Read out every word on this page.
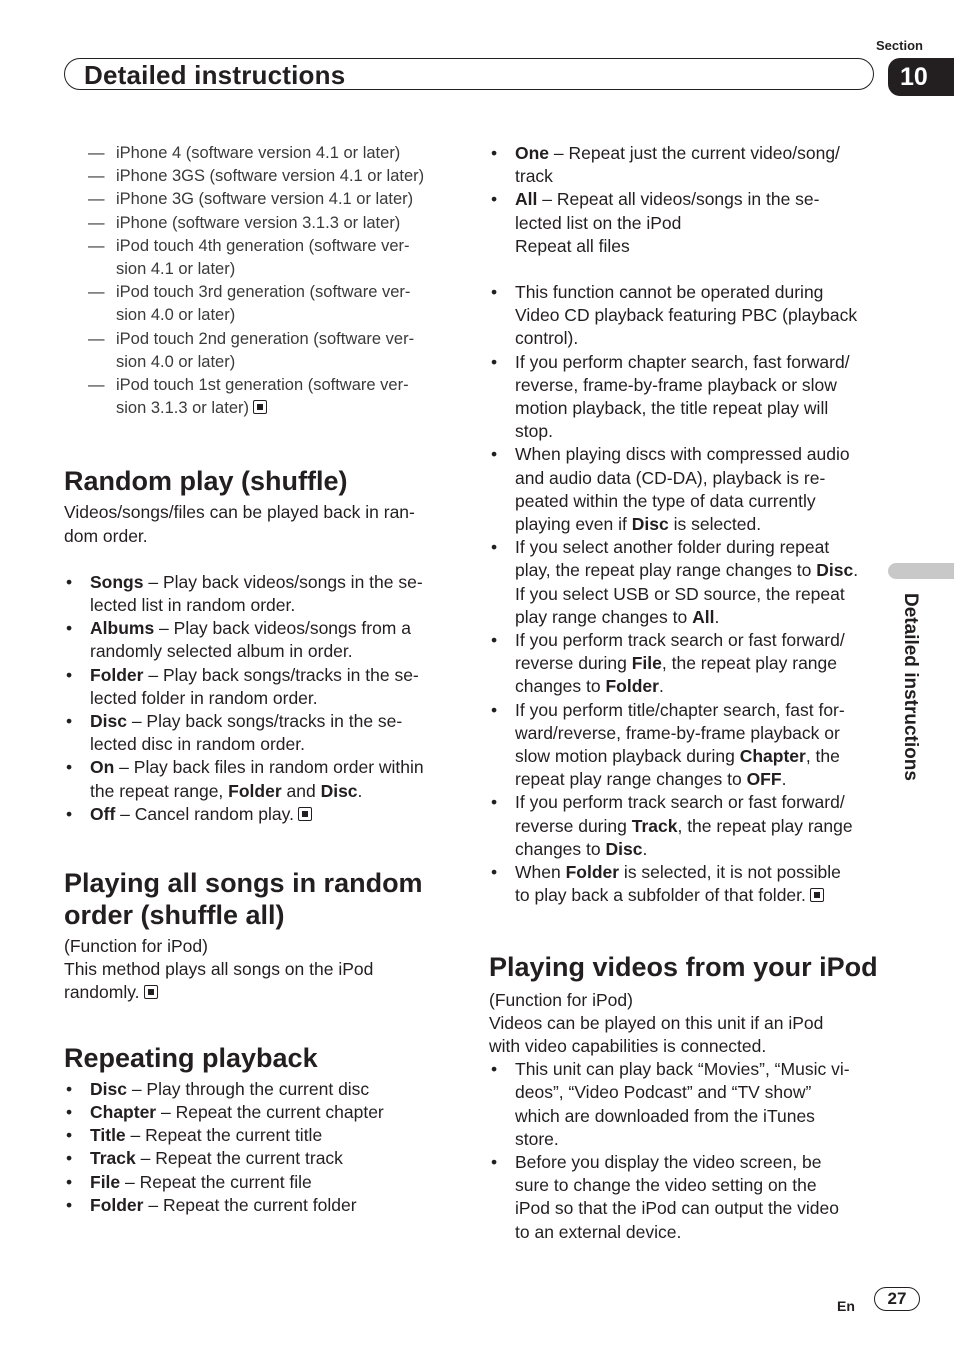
Detailed instructions
Section
10
Detailed instructions
— iPhone 4 (software version 4.1 or later)
— iPhone 3GS (software version 4.1 or later)
— iPhone 3G (software version 4.1 or later)
— iPhone (software version 3.1.3 or later)
— iPod touch 4th generation (software ver-
sion 4.1 or later)
— iPod touch 3rd generation (software ver-
sion 4.0 or later)
— iPod touch 2nd generation (software ver-
sion 4.0 or later)
— iPod touch 1st generation (software ver-
sion 3.1.3 or later)
Random play (shuffle)
Videos/songs/files can be played back in ran-
dom order.
• Songs – Play back videos/songs in the se-
lected list in random order.
• Albums – Play back videos/songs from a
randomly selected album in order.
• Folder – Play back songs/tracks in the se-
lected folder in random order.
• Disc – Play back songs/tracks in the se-
lected disc in random order.
• On – Play back files in random order within
the repeat range, Folder and Disc.
• Off – Cancel random play.
Playing all songs in random
order (shuffle all)
(Function for iPod)
This method plays all songs on the iPod
randomly.
Repeating playback
• Disc – Play through the current disc
• Chapter – Repeat the current chapter
• Title – Repeat the current title
• Track – Repeat the current track
• File – Repeat the current file
• Folder – Repeat the current folder
• One – Repeat just the current video/song/
track
• All – Repeat all videos/songs in the se-
lected list on the iPod
Repeat all files
• This function cannot be operated during
Video CD playback featuring PBC (playback
control).
• If you perform chapter search, fast forward/
reverse, frame-by-frame playback or slow
motion playback, the title repeat play will
stop.
• When playing discs with compressed audio
and audio data (CD-DA), playback is re-
peated within the type of data currently
playing even if Disc is selected.
• If you select another folder during repeat
play, the repeat play range changes to Disc.
If you select USB or SD source, the repeat
play range changes to All.
• If you perform track search or fast forward/
reverse during File, the repeat play range
changes to Folder.
• If you perform title/chapter search, fast for-
ward/reverse, frame-by-frame playback or
slow motion playback during Chapter, the
repeat play range changes to OFF.
• If you perform track search or fast forward/
reverse during Track, the repeat play range
changes to Disc.
• When Folder is selected, it is not possible
to play back a subfolder of that folder.
Playing videos from your iPod
(Function for iPod)
Videos can be played on this unit if an iPod
with video capabilities is connected.
• This unit can play back “Movies”, “Music vi-
deos”, “Video Podcast” and “TV show”
which are downloaded from the iTunes
store.
• Before you display the video screen, be
sure to change the video setting on the
iPod so that the iPod can output the video
to an external device.
En	27
